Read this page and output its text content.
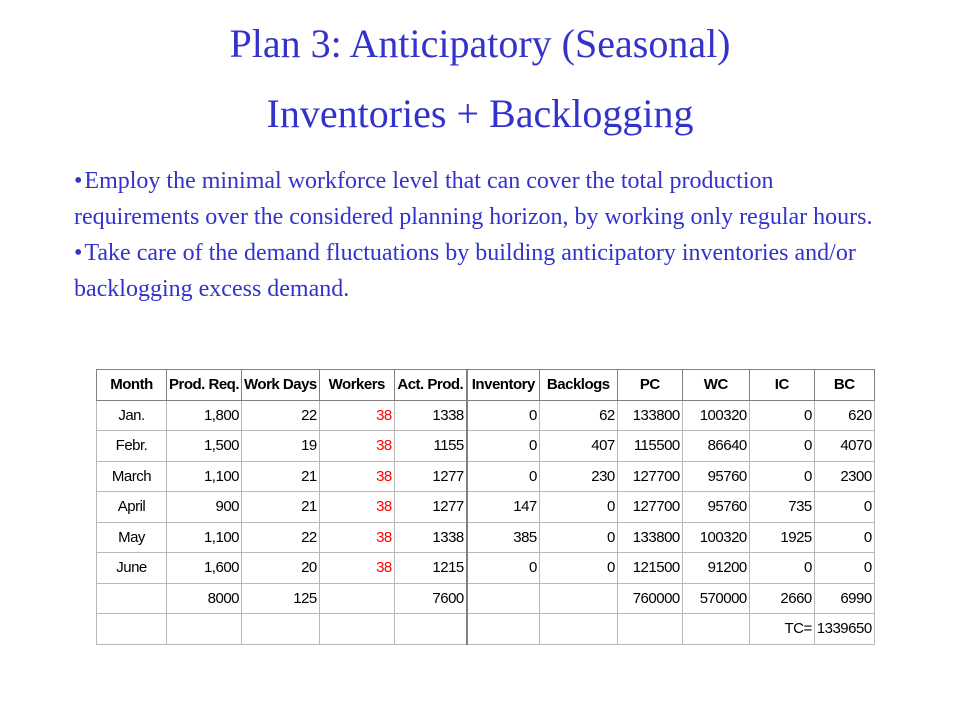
Plan 3: Anticipatory (Seasonal)
Inventories + Backlogging

•Employ the minimal workforce level that can cover the total production requirements over the considered planning horizon, by working only regular hours.

•Take care of the demand fluctuations by building anticipatory inventories and/or backlogging excess demand.

Month	Prod. Req.	Work Days	Workers	Act. Prod.	Inventory	Backlogs	PC	WC	IC	BC
Jan.	1,800	22	38	1338	0	62	133800	100320	0	620
Febr.	1,500	19	38	1155	0	407	115500	86640	0	4070
March	1,100	21	38	1277	0	230	127700	95760	0	2300
April	900	21	38	1277	147	0	127700	95760	735	0
May	1,100	22	38	1338	385	0	133800	100320	1925	0
June	1,600	20	38	1215	0	0	121500	91200	0	0
	8000	125		7600			760000	570000	2660	6990
									TC=	1339650
